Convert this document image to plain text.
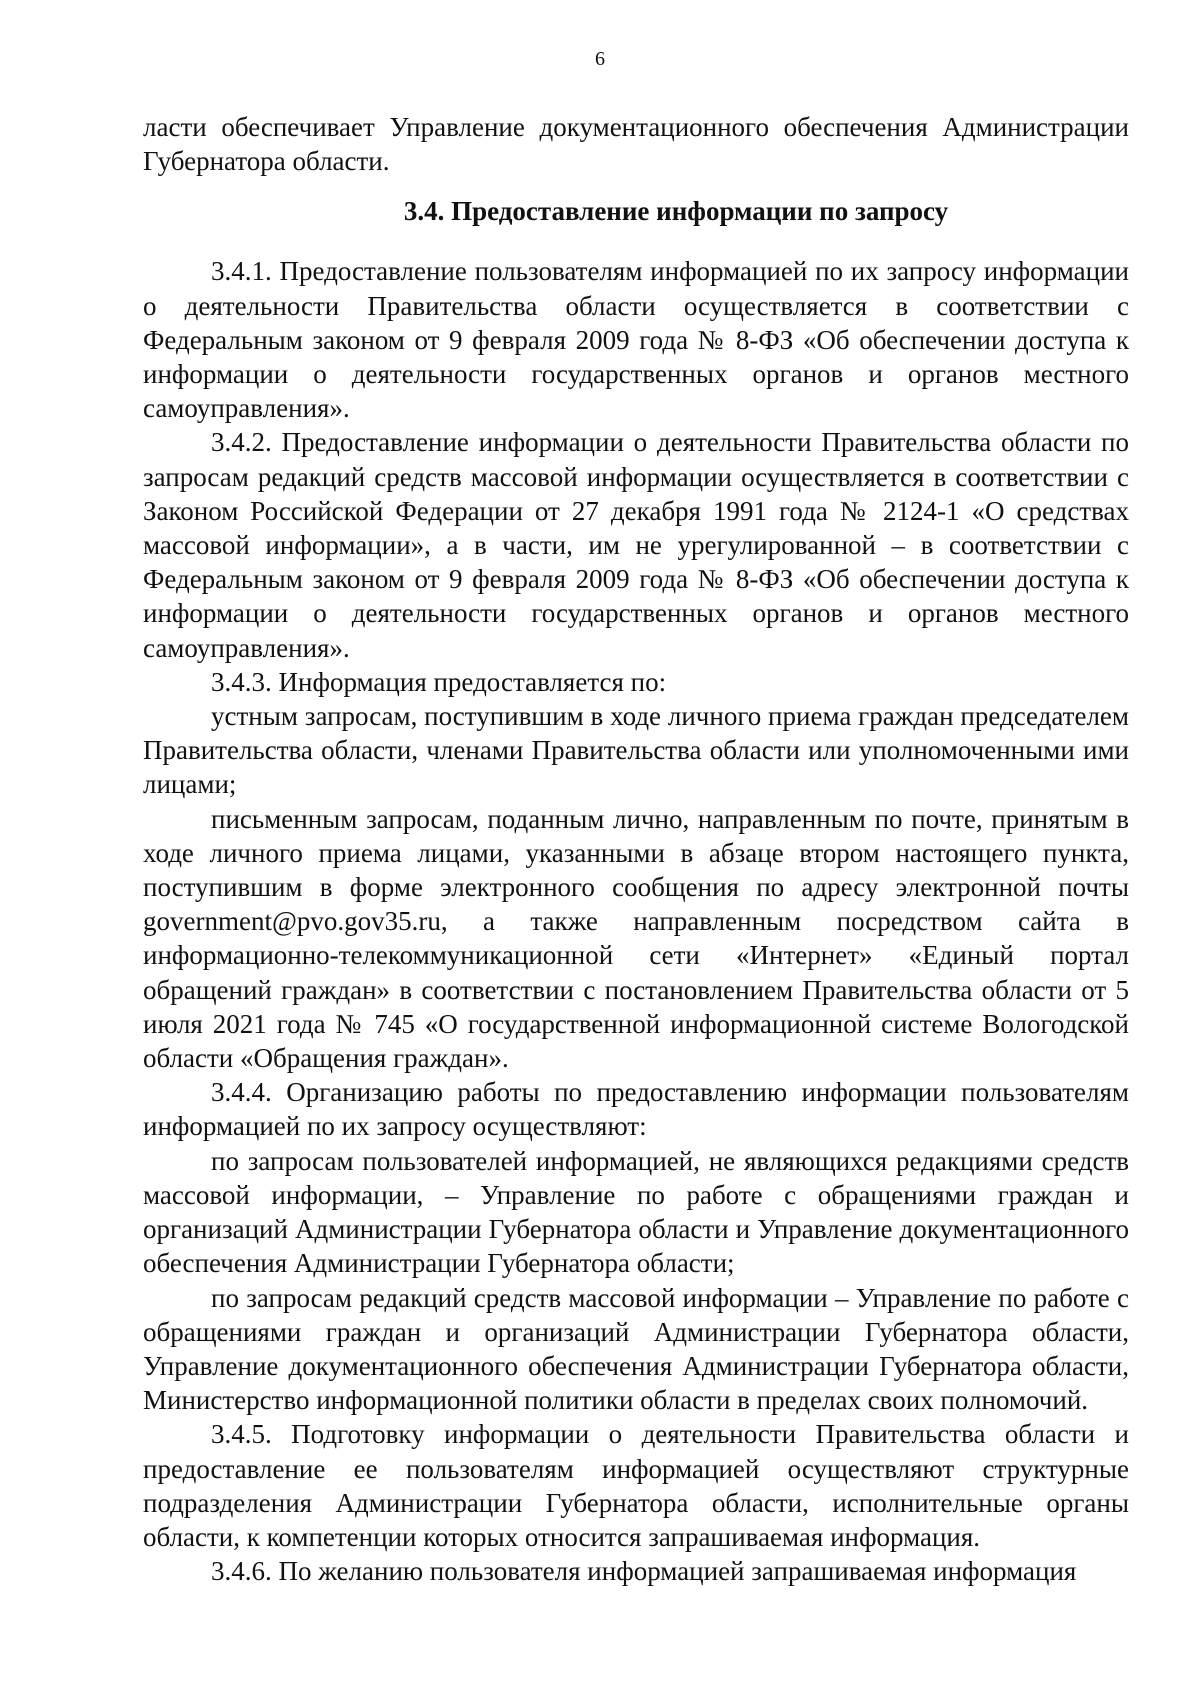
6

ласти обеспечивает Управление документационного обеспечения Администрации Губернатора области.

3.4. Предоставление информации по запросу

3.4.1. Предоставление пользователям информацией по их запросу информации о деятельности Правительства области осуществляется в соответствии с Федеральным законом от 9 февраля 2009 года № 8-ФЗ «Об обеспечении доступа к информации о деятельности государственных органов и органов местного самоуправления».

3.4.2. Предоставление информации о деятельности Правительства области по запросам редакций средств массовой информации осуществляется в соответствии с Законом Российской Федерации от 27 декабря 1991 года № 2124-1 «О средствах массовой информации», а в части, им не урегулированной – в соответствии с Федеральным законом от 9 февраля 2009 года № 8-ФЗ «Об обеспечении доступа к информации о деятельности государственных органов и органов местного самоуправления».

3.4.3. Информация предоставляется по:

устным запросам, поступившим в ходе личного приема граждан председателем Правительства области, членами Правительства области или уполномоченными ими лицами;

письменным запросам, поданным лично, направленным по почте, принятым в ходе личного приема лицами, указанными в абзаце втором настоящего пункта, поступившим в форме электронного сообщения по адресу электронной почты government@pvo.gov35.ru, а также направленным посредством сайта в информационно-телекоммуникационной сети «Интернет» «Единый портал обращений граждан» в соответствии с постановлением Правительства области от 5 июля 2021 года № 745 «О государственной информационной системе Вологодской области «Обращения граждан».

3.4.4. Организацию работы по предоставлению информации пользователям информацией по их запросу осуществляют:

по запросам пользователей информацией, не являющихся редакциями средств массовой информации, – Управление по работе с обращениями граждан и организаций Администрации Губернатора области и Управление документационного обеспечения Администрации Губернатора области;

по запросам редакций средств массовой информации – Управление по работе с обращениями граждан и организаций Администрации Губернатора области, Управление документационного обеспечения Администрации Губернатора области, Министерство информационной политики области в пределах своих полномочий.

3.4.5. Подготовку информации о деятельности Правительства области и предоставление ее пользователям информацией осуществляют структурные подразделения Администрации Губернатора области, исполнительные органы области, к компетенции которых относится запрашиваемая информация.

3.4.6. По желанию пользователя информацией запрашиваемая информация
